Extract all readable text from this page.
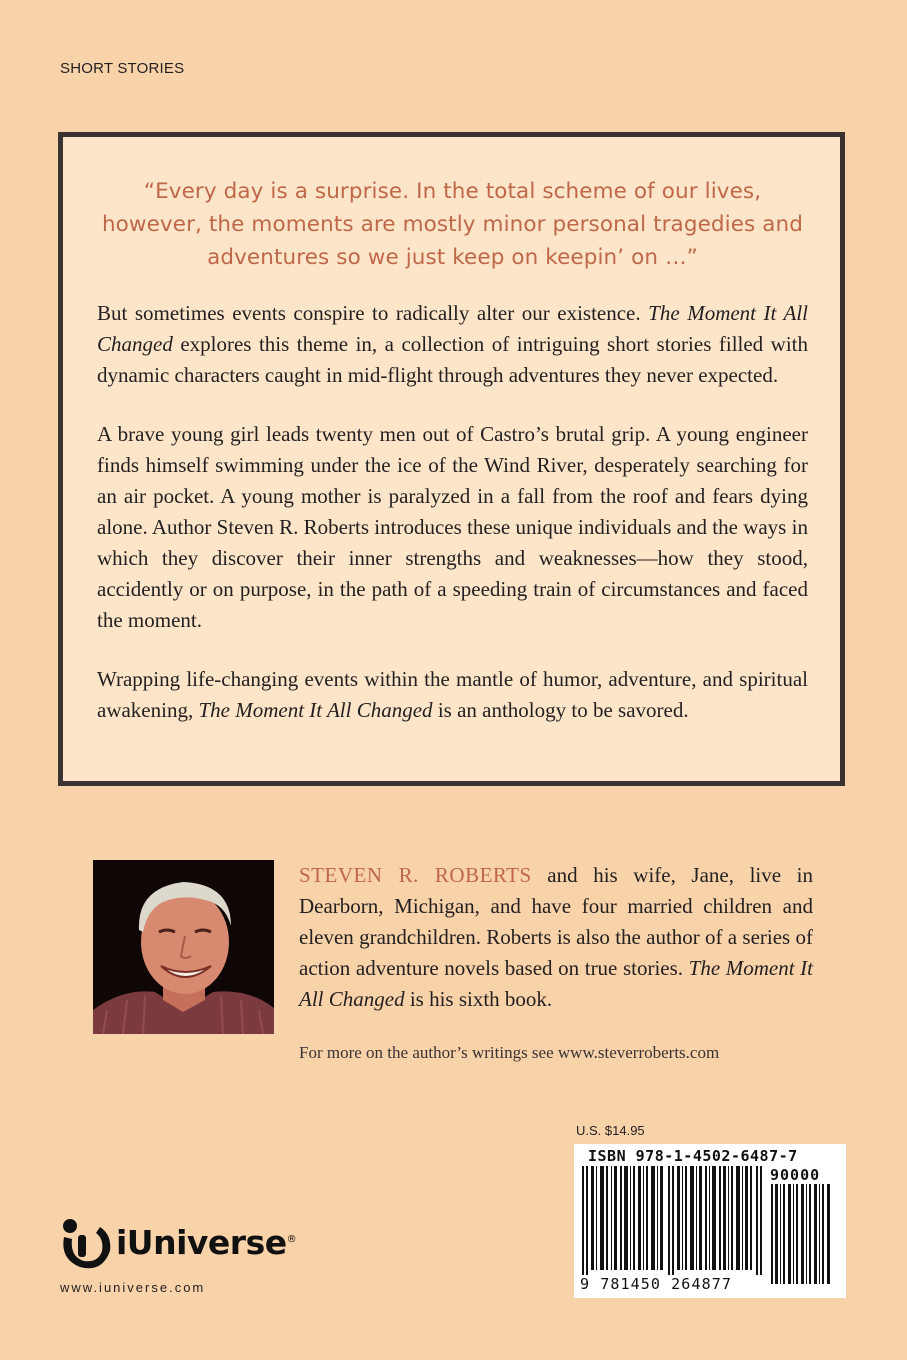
SHORT STORIES

“Every day is a surprise. In the total scheme of our lives, however, the moments are mostly minor personal tragedies and adventures so we just keep on keepin’ on …”

But sometimes events conspire to radically alter our existence. The Moment It All Changed explores this theme in, a collection of intriguing short stories filled with dynamic characters caught in mid-flight through adventures they never expected.

A brave young girl leads twenty men out of Castro’s brutal grip. A young engineer finds himself swimming under the ice of the Wind River, desperately searching for an air pocket. A young mother is paralyzed in a fall from the roof and fears dying alone. Author Steven R. Roberts introduces these unique individuals and the ways in which they discover their inner strengths and weaknesses—how they stood, accidently or on purpose, in the path of a speeding train of circumstances and faced the moment.

Wrapping life-changing events within the mantle of humor, adventure, and spiritual awakening, The Moment It All Changed is an anthology to be savored.

STEVEN R. ROBERTS and his wife, Jane, live in Dearborn, Michigan, and have four married children and eleven grandchildren. Roberts is also the author of a series of action adventure novels based on true stories. The Moment It All Changed is his sixth book.

For more on the author’s writings see www.steverroberts.com
U.S. $14.95
ISBN 978-1-4502-6487-7
90000
9 781450 264877
iUniverse®
www.iuniverse.com
